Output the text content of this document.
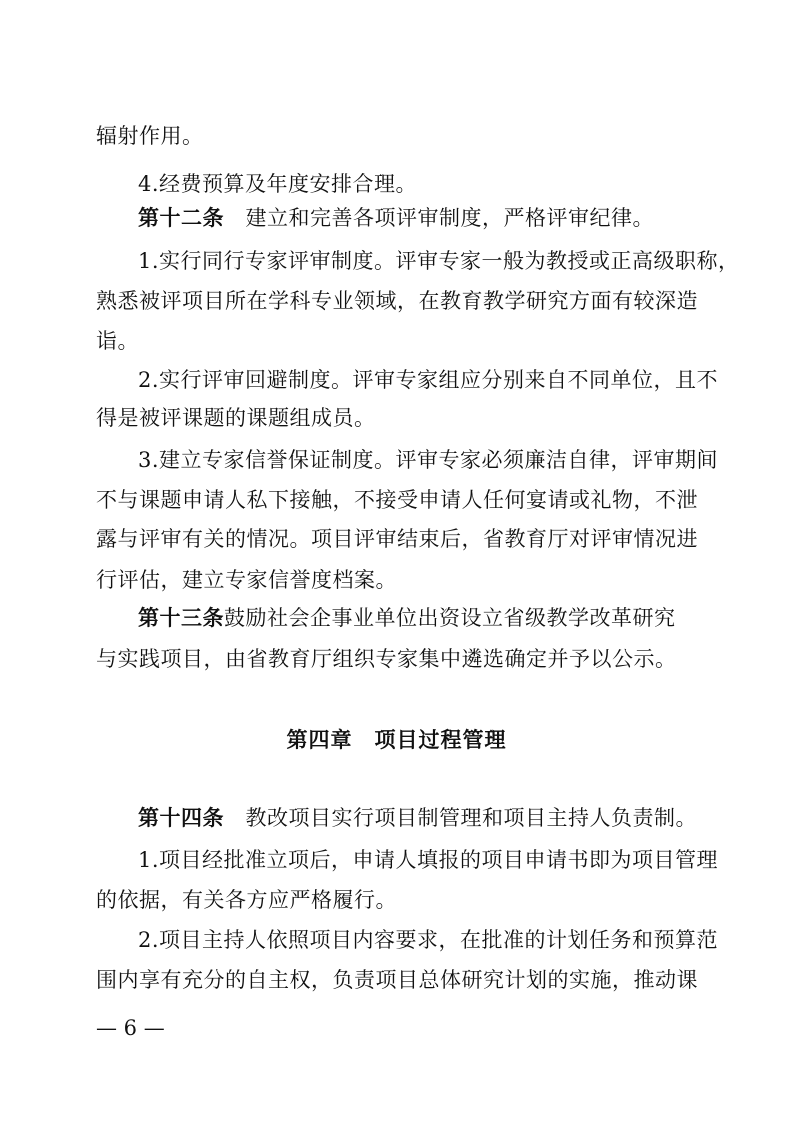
辐射作用。
4.经费预算及年度安排合理。
第十二条　建立和完善各项评审制度，严格评审纪律。
1.实行同行专家评审制度。评审专家一般为教授或正高级职称，
熟悉被评项目所在学科专业领域，在教育教学研究方面有较深造
诣。
2.实行评审回避制度。评审专家组应分别来自不同单位，且不
得是被评课题的课题组成员。
3.建立专家信誉保证制度。评审专家必须廉洁自律，评审期间
不与课题申请人私下接触，不接受申请人任何宴请或礼物，不泄
露与评审有关的情况。项目评审结束后，省教育厅对评审情况进
行评估，建立专家信誉度档案。
第十三条鼓励社会企事业单位出资设立省级教学改革研究
与实践项目，由省教育厅组织专家集中遴选确定并予以公示。
第四章　项目过程管理
第十四条　教改项目实行项目制管理和项目主持人负责制。
1.项目经批准立项后，申请人填报的项目申请书即为项目管理
的依据，有关各方应严格履行。
2.项目主持人依照项目内容要求，在批准的计划任务和预算范
围内享有充分的自主权，负责项目总体研究计划的实施，推动课
— 6 —
